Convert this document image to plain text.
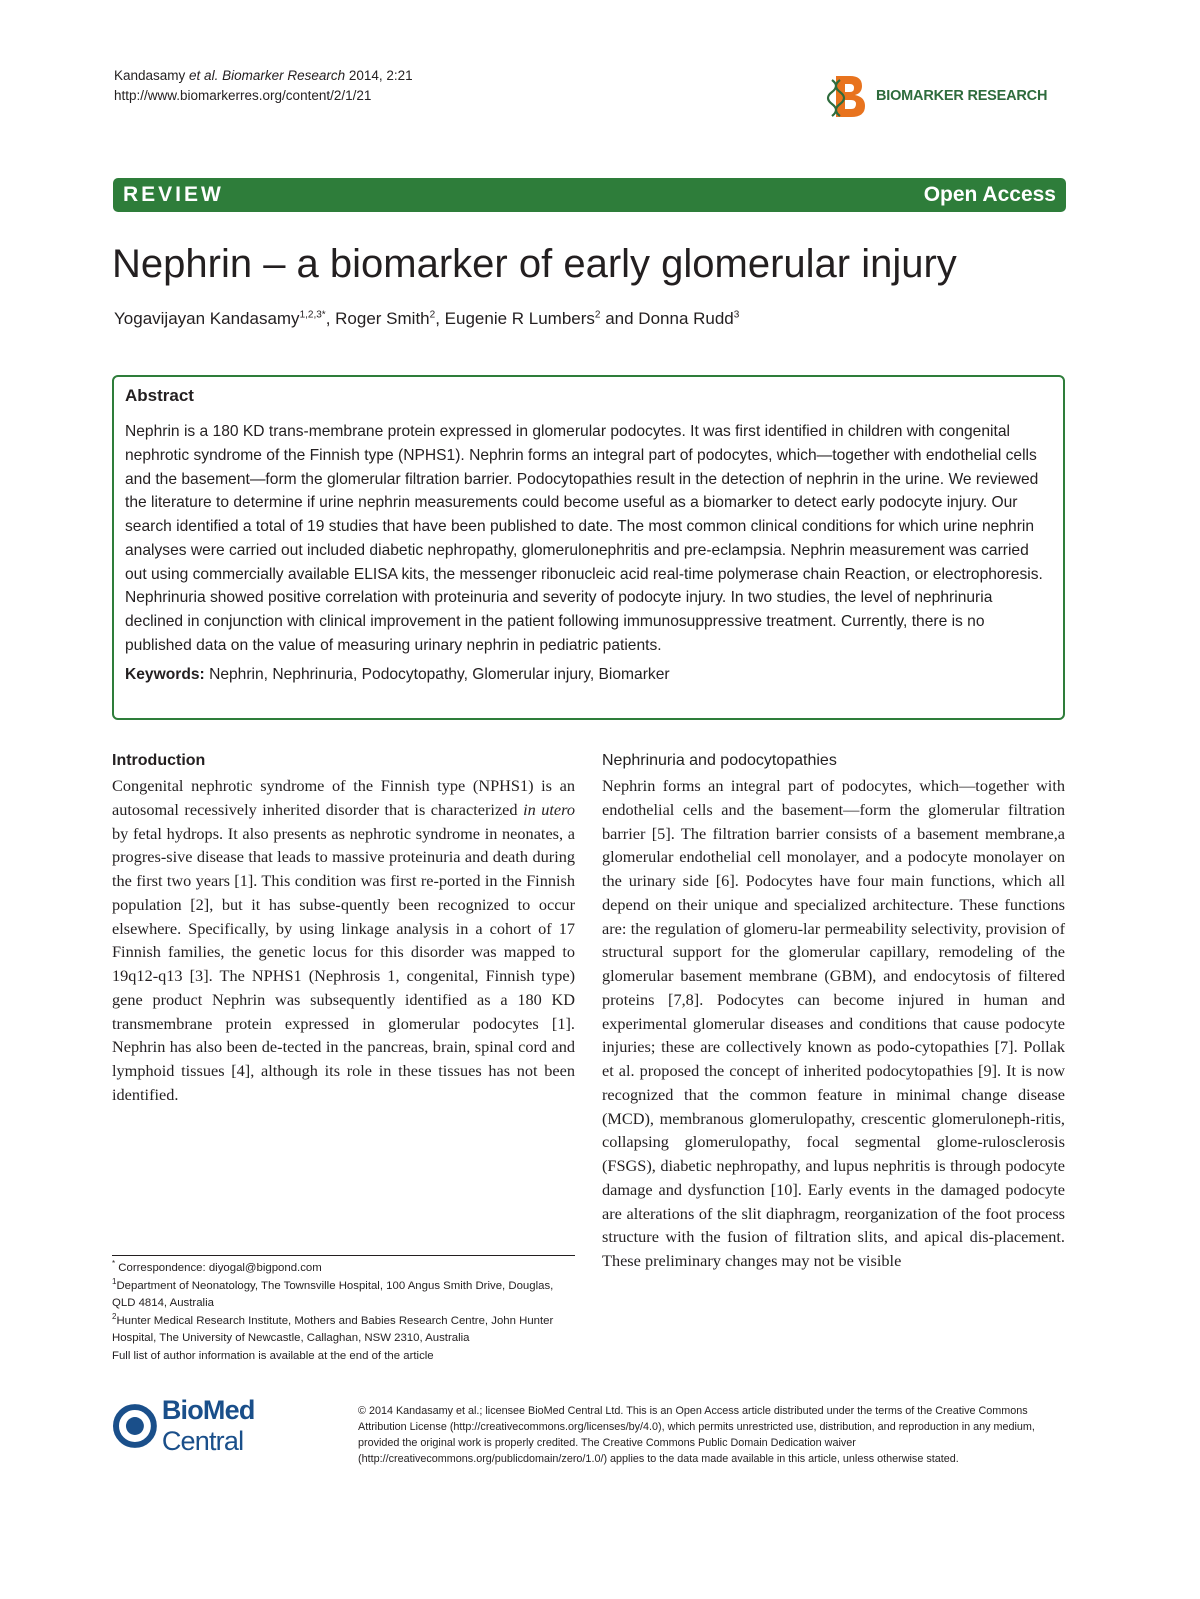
Kandasamy et al. Biomarker Research 2014, 2:21
http://www.biomarkerres.org/content/2/1/21	BIOMARKER RESEARCH
REVIEW	Open Access
Nephrin – a biomarker of early glomerular injury
Yogavijayan Kandasamy$^{1,2,3*}$, Roger Smith$^2$, Eugenie R Lumbers$^2$ and Donna Rudd$^3$
Abstract

Nephrin is a 180 KD trans-membrane protein expressed in glomerular podocytes. It was first identified in children with congenital nephrotic syndrome of the Finnish type (NPHS1). Nephrin forms an integral part of podocytes, which—together with endothelial cells and the basement—form the glomerular filtration barrier. Podocytopathies result in the detection of nephrin in the urine. We reviewed the literature to determine if urine nephrin measurements could become useful as a biomarker to detect early podocyte injury. Our search identified a total of 19 studies that have been published to date. The most common clinical conditions for which urine nephrin analyses were carried out included diabetic nephropathy, glomerulonephritis and pre-eclampsia. Nephrin measurement was carried out using commercially available ELISA kits, the messenger ribonucleic acid real-time polymerase chain Reaction, or electrophoresis. Nephrinuria showed positive correlation with proteinuria and severity of podocyte injury. In two studies, the level of nephrinuria declined in conjunction with clinical improvement in the patient following immunosuppressive treatment. Currently, there is no published data on the value of measuring urinary nephrin in pediatric patients.

Keywords: Nephrin, Nephrinuria, Podocytopathy, Glomerular injury, Biomarker

Introduction

Congenital nephrotic syndrome of the Finnish type (NPHS1) is an autosomal recessively inherited disorder that is characterized in utero by fetal hydrops. It also presents as nephrotic syndrome in neonates, a progres-sive disease that leads to massive proteinuria and death during the first two years [1]. This condition was first re-ported in the Finnish population [2], but it has subse-quently been recognized to occur elsewhere. Specifically, by using linkage analysis in a cohort of 17 Finnish families, the genetic locus for this disorder was mapped to 19q12-q13 [3]. The NPHS1 (Nephrosis 1, congenital, Finnish type) gene product Nephrin was subsequently identified as a 180 KD transmembrane protein expressed in glomerular podocytes [1]. Nephrin has also been de-tected in the pancreas, brain, spinal cord and lymphoid tissues [4], although its role in these tissues has not been identified.

Nephrinuria and podocytopathies

Nephrin forms an integral part of podocytes, which—together with endothelial cells and the basement—form the glomerular filtration barrier [5]. The filtration barrier consists of a basement membrane,a glomerular endothelial cell monolayer, and a podocyte monolayer on the urinary side [6]. Podocytes have four main functions, which all depend on their unique and specialized architecture. These functions are: the regulation of glomeru-lar permeability selectivity, provision of structural support for the glomerular capillary, remodeling of the glomerular basement membrane (GBM), and endocytosis of filtered proteins [7,8]. Podocytes can become injured in human and experimental glomerular diseases and conditions that cause podocyte injuries; these are collectively known as podo-cytopathies [7]. Pollak et al. proposed the concept of inherited podocytopathies [9]. It is now recognized that the common feature in minimal change disease (MCD), membranous glomerulopathy, crescentic glomeruloneph-ritis, collapsing glomerulopathy, focal segmental glome-rulosclerosis (FSGS), diabetic nephropathy, and lupus nephritis is through podocyte damage and dysfunction [10]. Early events in the damaged podocyte are alterations of the slit diaphragm, reorganization of the foot process structure with the fusion of filtration slits, and apical dis-placement. These preliminary changes may not be visible

* Correspondence: diyogal@bigpond.com
$^1$Department of Neonatology, The Townsville Hospital, 100 Angus Smith Drive, Douglas, QLD 4814, Australia
$^2$Hunter Medical Research Institute, Mothers and Babies Research Centre, John Hunter Hospital, The University of Newcastle, Callaghan, NSW 2310, Australia
Full list of author information is available at the end of the article
BioMed Central

© 2014 Kandasamy et al.; licensee BioMed Central Ltd. This is an Open Access article distributed under the terms of the Creative Commons Attribution License (http://creativecommons.org/licenses/by/4.0), which permits unrestricted use, distribution, and reproduction in any medium, provided the original work is properly credited. The Creative Commons Public Domain Dedication waiver (http://creativecommons.org/publicdomain/zero/1.0/) applies to the data made available in this article, unless otherwise stated.
